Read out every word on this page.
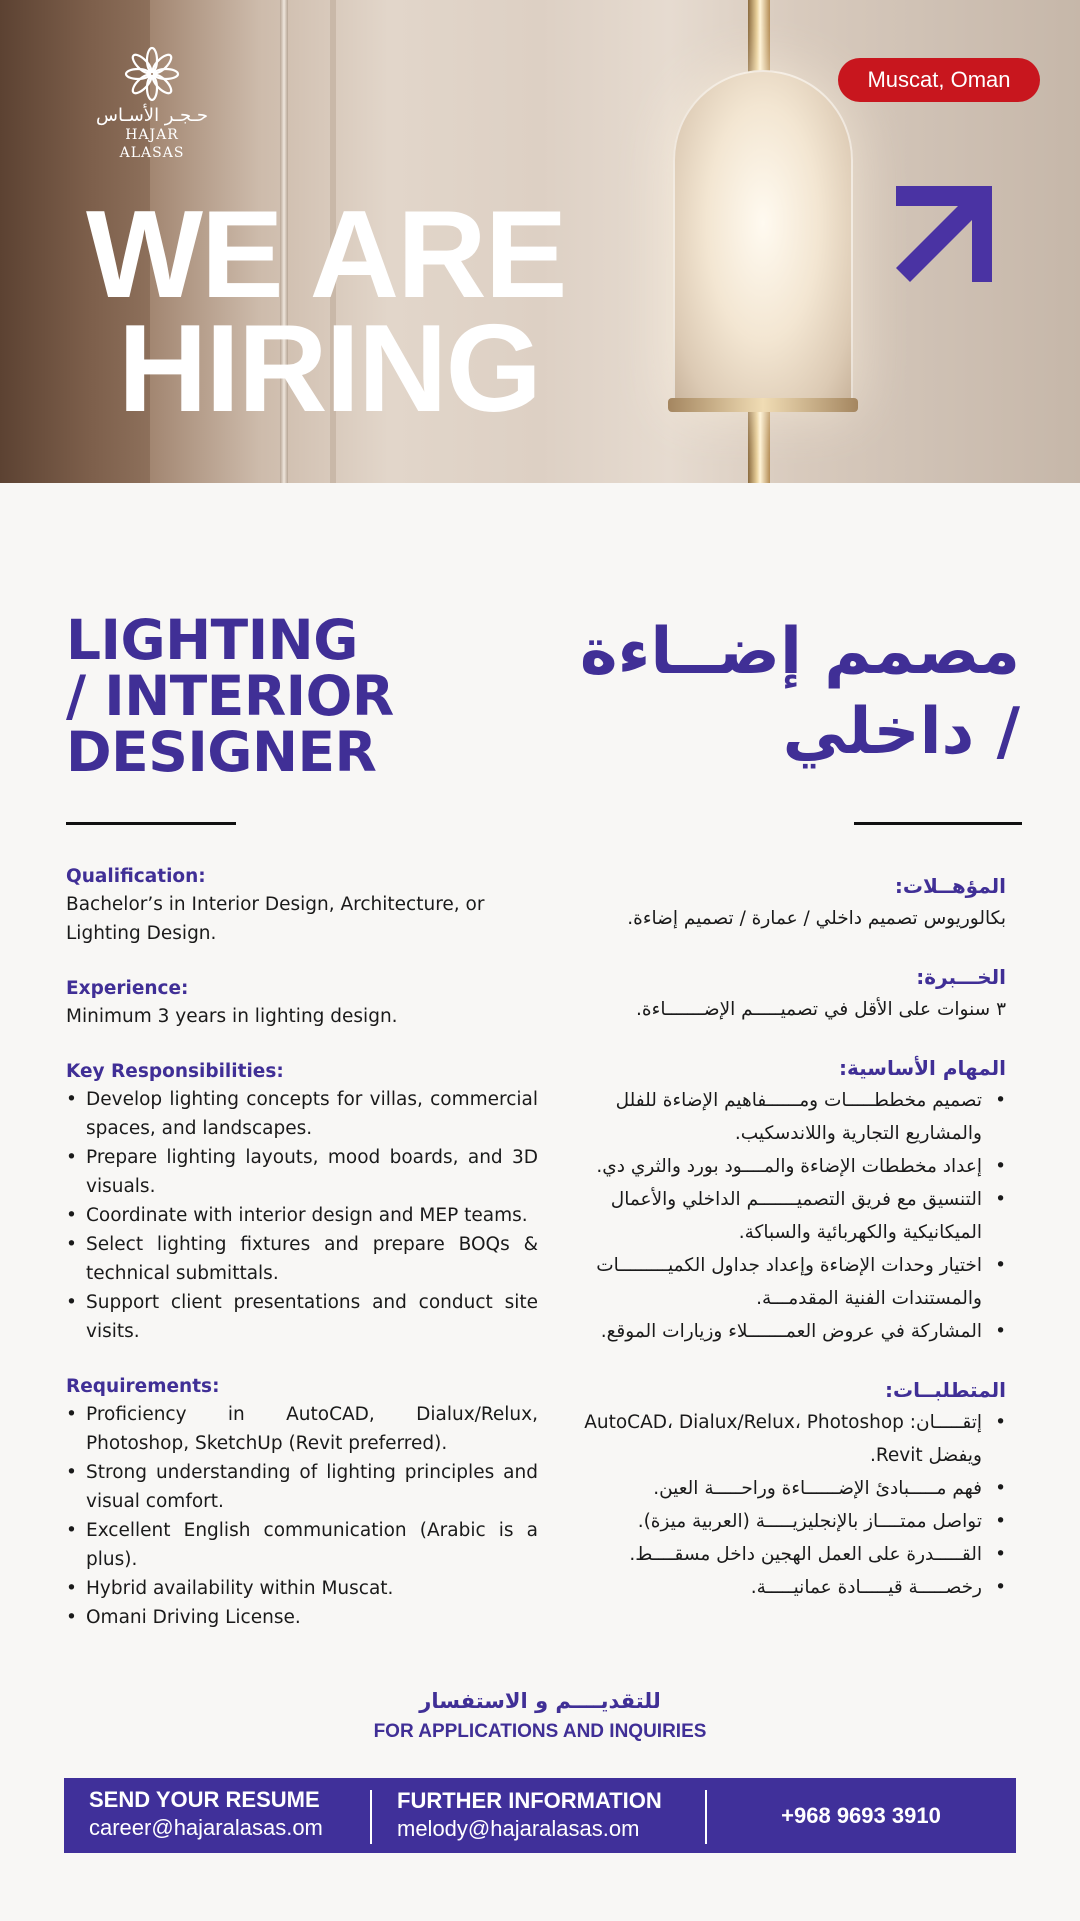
حـجـر الأسـاس
HAJAR ALASAS
Muscat, Oman
WE ARE
HIRING
LIGHTING
/ INTERIOR
DESIGNER
مصمم إضــاءة
/ داخلي
Qualification:

Bachelor’s in Interior Design, Architecture, or Lighting Design.

Experience:

Minimum 3 years in lighting design.

Key Responsibilities:
• Develop lighting concepts for villas, commercial spaces, and landscapes.
• Prepare lighting layouts, mood boards, and 3D visuals.
• Coordinate with interior design and MEP teams.
• Select lighting fixtures and prepare BOQs & technical submittals.
• Support client presentations and conduct site visits.
Requirements:
• Proficiency in AutoCAD, Dialux/Relux, Photoshop, SketchUp (Revit preferred).
• Strong understanding of lighting principles and visual comfort.
• Excellent English communication (Arabic is a plus).
• Hybrid availability within Muscat.
• Omani Driving License.
المؤهــلات:

بكالوريوس تصميم داخلي / عمارة / تصميم إضاءة.

الخـــبرة:

٣ سنوات على الأقل في تصميـــــم الإضـــــــاءة.

المهام الأساسية:
• تصميم مخططـــــات ومــــــفاهيم الإضاءة للفلل والمشاريع التجارية واللاندسكيب.
• إعداد مخططات الإضاءة والمــــود بورد والثري دي.
• التنسيق مع فريق التصميـــــــم الداخلي والأعمال الميكانيكية والكهربائية والسباكة.
• اختيار وحدات الإضاءة وإعداد جداول الكميـــــــــات والمستندات الفنية المقدمـــة.
• المشاركة في عروض العمـــــــلاء وزيارات الموقع.
المتطلبــات:
• إتقـــــان: AutoCAD، Dialux/Relux، Photoshop ويفضل Revit.
• فهم مـــــبادئ الإضــــــاءة وراحـــــة العين.
• تواصل ممتــــاز بالإنجليزيـــــة (العربية ميزة).
• القـــــدرة على العمل الهجين داخل مسقــــط.
• رخصـــــة قيـــــادة عمانيـــــة.
للتقديــــم و الاستفسار
FOR APPLICATIONS AND INQUIRIES
SEND YOUR RESUME
career@hajaralasas.om
FURTHER INFORMATION
melody@hajaralasas.om
+968 9693 3910
